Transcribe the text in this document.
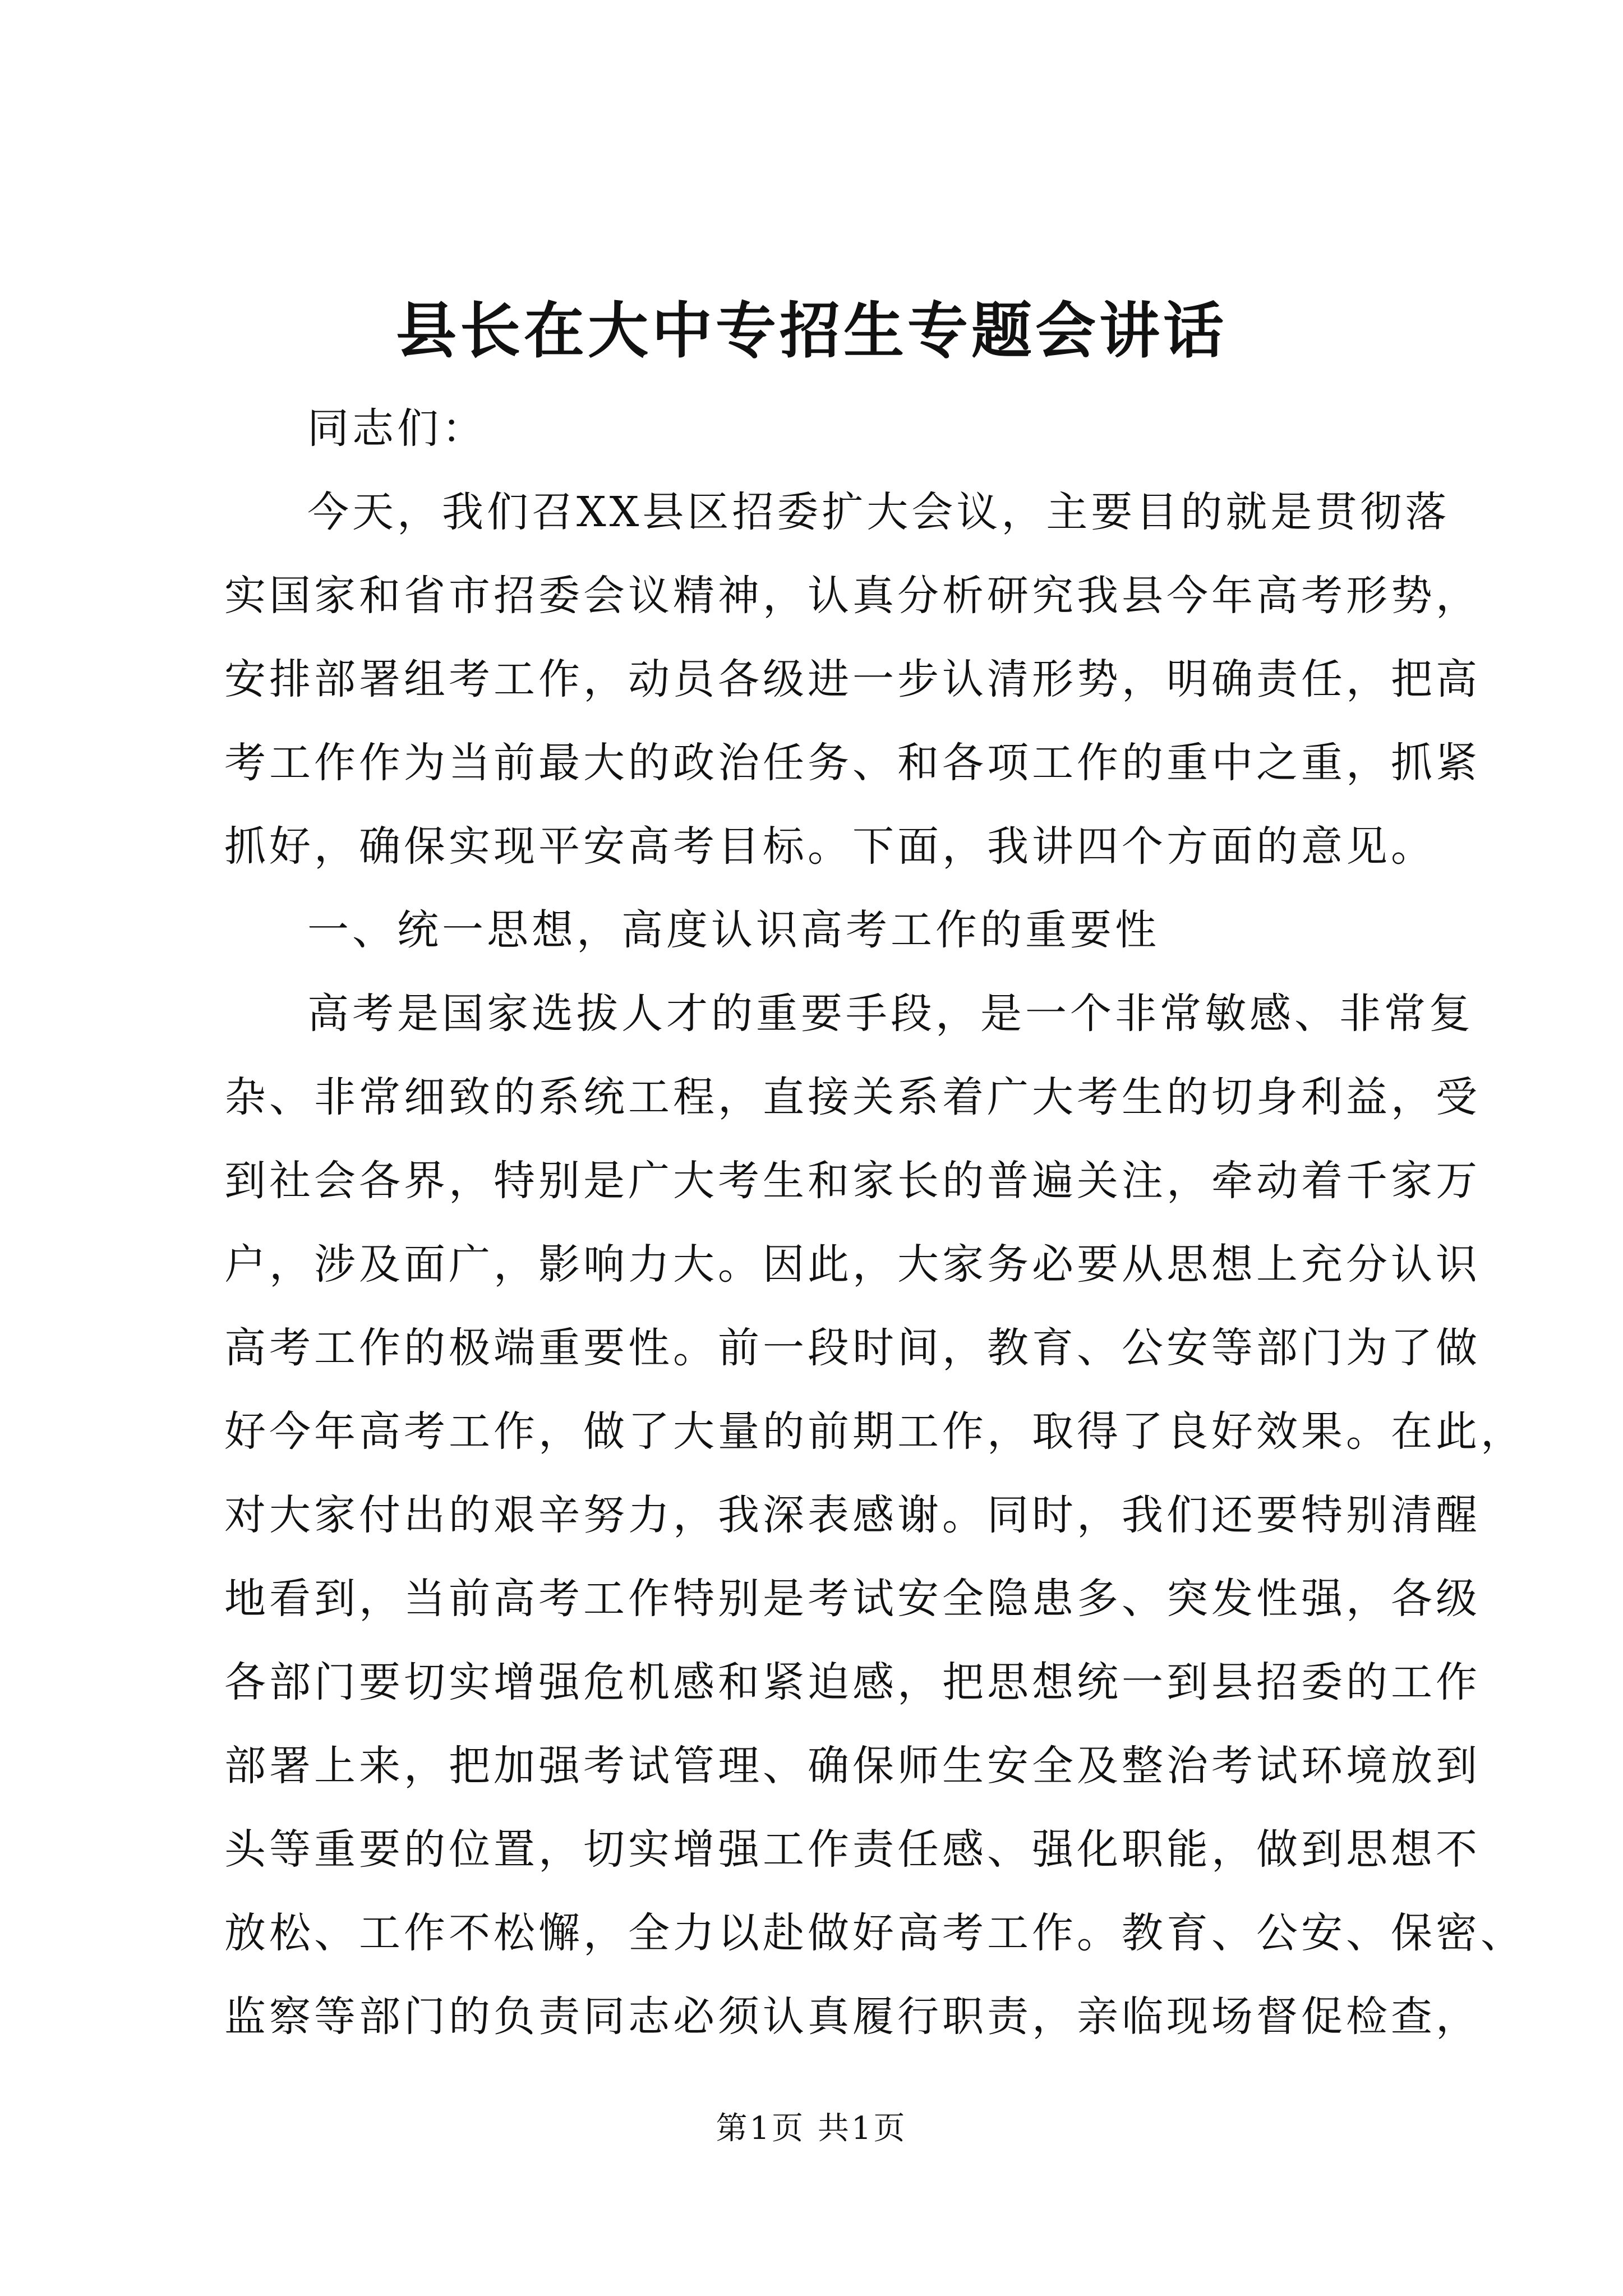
县长在大中专招生专题会讲话
同志们：
今天，我们召XX县区招委扩大会议，主要目的就是贯彻落
实国家和省市招委会议精神，认真分析研究我县今年高考形势，
安排部署组考工作，动员各级进一步认清形势，明确责任，把高
考工作作为当前最大的政治任务、和各项工作的重中之重，抓紧
抓好，确保实现平安高考目标。下面，我讲四个方面的意见。
一、统一思想，高度认识高考工作的重要性
高考是国家选拔人才的重要手段，是一个非常敏感、非常复
杂、非常细致的系统工程，直接关系着广大考生的切身利益，受
到社会各界，特别是广大考生和家长的普遍关注，牵动着千家万
户，涉及面广，影响力大。因此，大家务必要从思想上充分认识
高考工作的极端重要性。前一段时间，教育、公安等部门为了做
好今年高考工作，做了大量的前期工作，取得了良好效果。在此，
对大家付出的艰辛努力，我深表感谢。同时，我们还要特别清醒
地看到，当前高考工作特别是考试安全隐患多、突发性强，各级
各部门要切实增强危机感和紧迫感，把思想统一到县招委的工作
部署上来，把加强考试管理、确保师生安全及整治考试环境放到
头等重要的位置，切实增强工作责任感、强化职能，做到思想不
放松、工作不松懈，全力以赴做好高考工作。教育、公安、保密、
监察等部门的负责同志必须认真履行职责，亲临现场督促检查，
第1页 共1页
